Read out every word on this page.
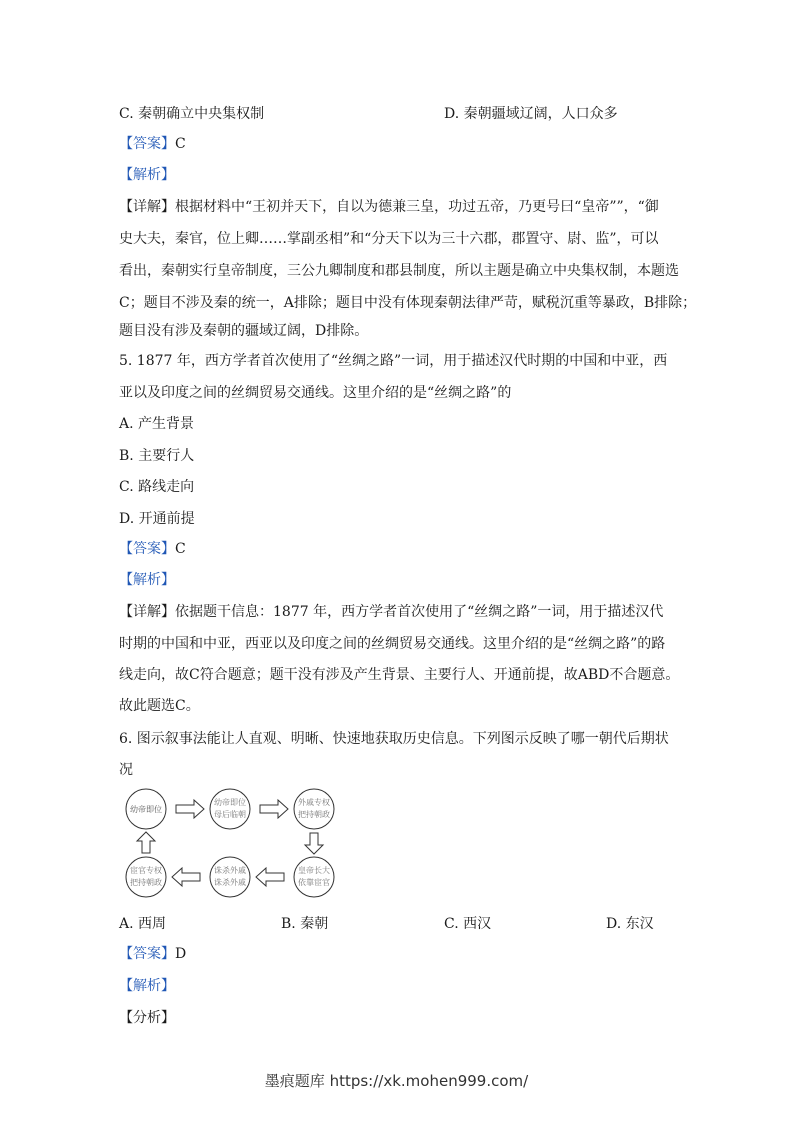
C. 秦朝确立中央集权制	D. 秦朝疆域辽阔，人口众多
【答案】C
【解析】
【详解】根据材料中“王初并天下，自以为德兼三皇，功过五帝，乃更号曰“皇帝””，“御
史大夫，秦官，位上卿……掌副丞相”和“分天下以为三十六郡，郡置守、尉、监”，可以
看出，秦朝实行皇帝制度，三公九卿制度和郡县制度，所以主题是确立中央集权制，本题选
C；题目不涉及秦的统一，A排除；题目中没有体现秦朝法律严苛，赋税沉重等暴政，B排除；
题目没有涉及秦朝的疆域辽阔，D排除。
5. 1877 年，西方学者首次使用了“丝绸之路”一词，用于描述汉代时期的中国和中亚，西
亚以及印度之间的丝绸贸易交通线。这里介绍的是“丝绸之路”的
A. 产生背景
B. 主要行人
C. 路线走向
D. 开通前提
【答案】C
【解析】
【详解】依据题干信息：1877 年，西方学者首次使用了“丝绸之路”一词，用于描述汉代
时期的中国和中亚，西亚以及印度之间的丝绸贸易交通线。这里介绍的是“丝绸之路”的路
线走向，故C符合题意；题干没有涉及产生背景、主要行人、开通前提，故ABD不合题意。
故此题选C。
6. 图示叙事法能让人直观、明晰、快速地获取历史信息。下列图示反映了哪一朝代后期状
况
幼帝即位
幼帝即位
母后临朝
外戚专权
把持朝政
宦官专权
把持朝政
诛杀外戚
诛杀外戚
皇帝长大
依靠宦官
A. 西周	B. 秦朝	C. 西汉	D. 东汉
【答案】D
【解析】
【分析】
墨痕题库 https://xk.mohen999.com/
